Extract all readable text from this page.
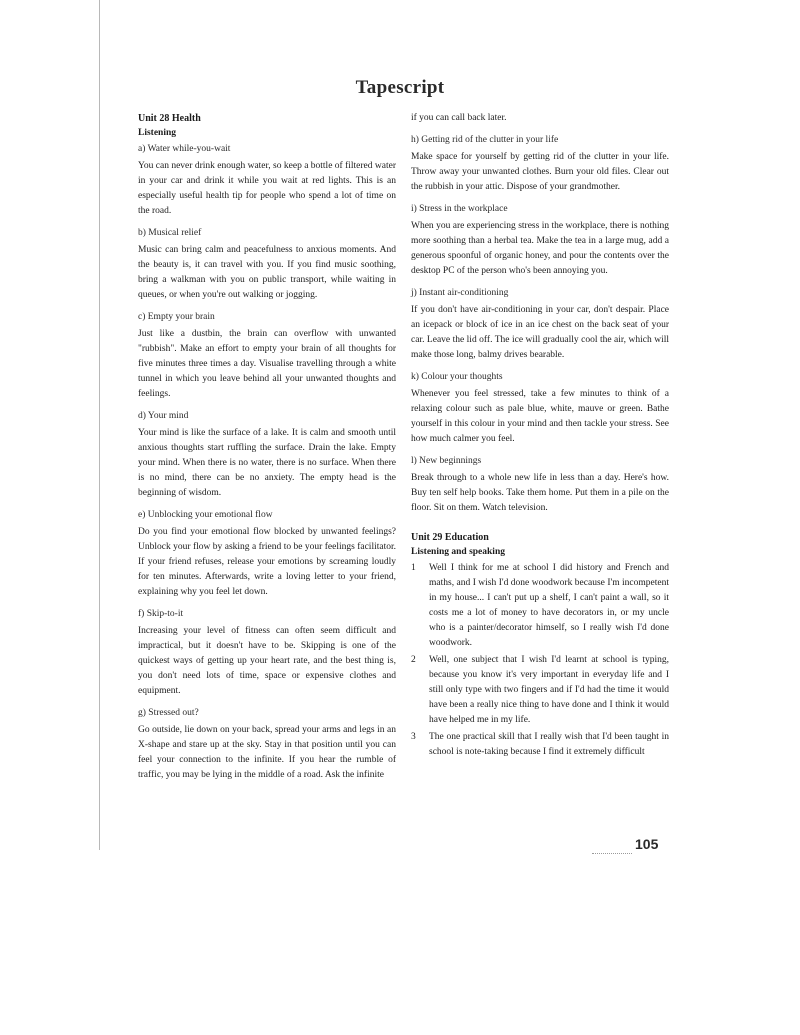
Tapescript

Unit 28 Health

Listening

a) Water while-you-wait

You can never drink enough water, so keep a bottle of filtered water in your car and drink it while you wait at red lights. This is an especially useful health tip for people who spend a lot of time on the road.

b) Musical relief

Music can bring calm and peacefulness to anxious moments. And the beauty is, it can travel with you. If you find music soothing, bring a walkman with you on public transport, while waiting in queues, or when you're out walking or jogging.

c) Empty your brain

Just like a dustbin, the brain can overflow with unwanted "rubbish". Make an effort to empty your brain of all thoughts for five minutes three times a day. Visualise travelling through a white tunnel in which you leave behind all your unwanted thoughts and feelings.

d) Your mind

Your mind is like the surface of a lake. It is calm and smooth until anxious thoughts start ruffling the surface. Drain the lake. Empty your mind. When there is no water, there is no surface. When there is no mind, there can be no anxiety. The empty head is the beginning of wisdom.

e) Unblocking your emotional flow

Do you find your emotional flow blocked by unwanted feelings? Unblock your flow by asking a friend to be your feelings facilitator. If your friend refuses, release your emotions by screaming loudly for ten minutes. Afterwards, write a loving letter to your friend, explaining why you feel let down.

f) Skip-to-it

Increasing your level of fitness can often seem difficult and impractical, but it doesn't have to be. Skipping is one of the quickest ways of getting up your heart rate, and the best thing is, you don't need lots of time, space or expensive clothes and equipment.

g) Stressed out?

Go outside, lie down on your back, spread your arms and legs in an X-shape and stare up at the sky. Stay in that position until you can feel your connection to the infinite. If you hear the rumble of traffic, you may be lying in the middle of a road. Ask the infinite

if you can call back later.

h) Getting rid of the clutter in your life

Make space for yourself by getting rid of the clutter in your life. Throw away your unwanted clothes. Burn your old files. Clear out the rubbish in your attic. Dispose of your grandmother.

i) Stress in the workplace

When you are experiencing stress in the workplace, there is nothing more soothing than a herbal tea. Make the tea in a large mug, add a generous spoonful of organic honey, and pour the contents over the desktop PC of the person who's been annoying you.

j) Instant air-conditioning

If you don't have air-conditioning in your car, don't despair. Place an icepack or block of ice in an ice chest on the back seat of your car. Leave the lid off. The ice will gradually cool the air, which will make those long, balmy drives bearable.

k) Colour your thoughts

Whenever you feel stressed, take a few minutes to think of a relaxing colour such as pale blue, white, mauve or green. Bathe yourself in this colour in your mind and then tackle your stress. See how much calmer you feel.

l) New beginnings

Break through to a whole new life in less than a day. Here's how. Buy ten self help books. Take them home. Put them in a pile on the floor. Sit on them. Watch television.

Unit 29 Education

Listening and speaking

1 Well I think for me at school I did history and French and maths, and I wish I'd done woodwork because I'm incompetent in my house... I can't put up a shelf, I can't paint a wall, so it costs me a lot of money to have decorators in, or my uncle who is a painter/decorator himself, so I really wish I'd done woodwork.
2 Well, one subject that I wish I'd learnt at school is typing, because you know it's very important in everyday life and I still only type with two fingers and if I'd had the time it would have been a really nice thing to have done and I think it would have helped me in my life.
3 The one practical skill that I really wish that I'd been taught in school is note-taking because I find it extremely difficult
105
